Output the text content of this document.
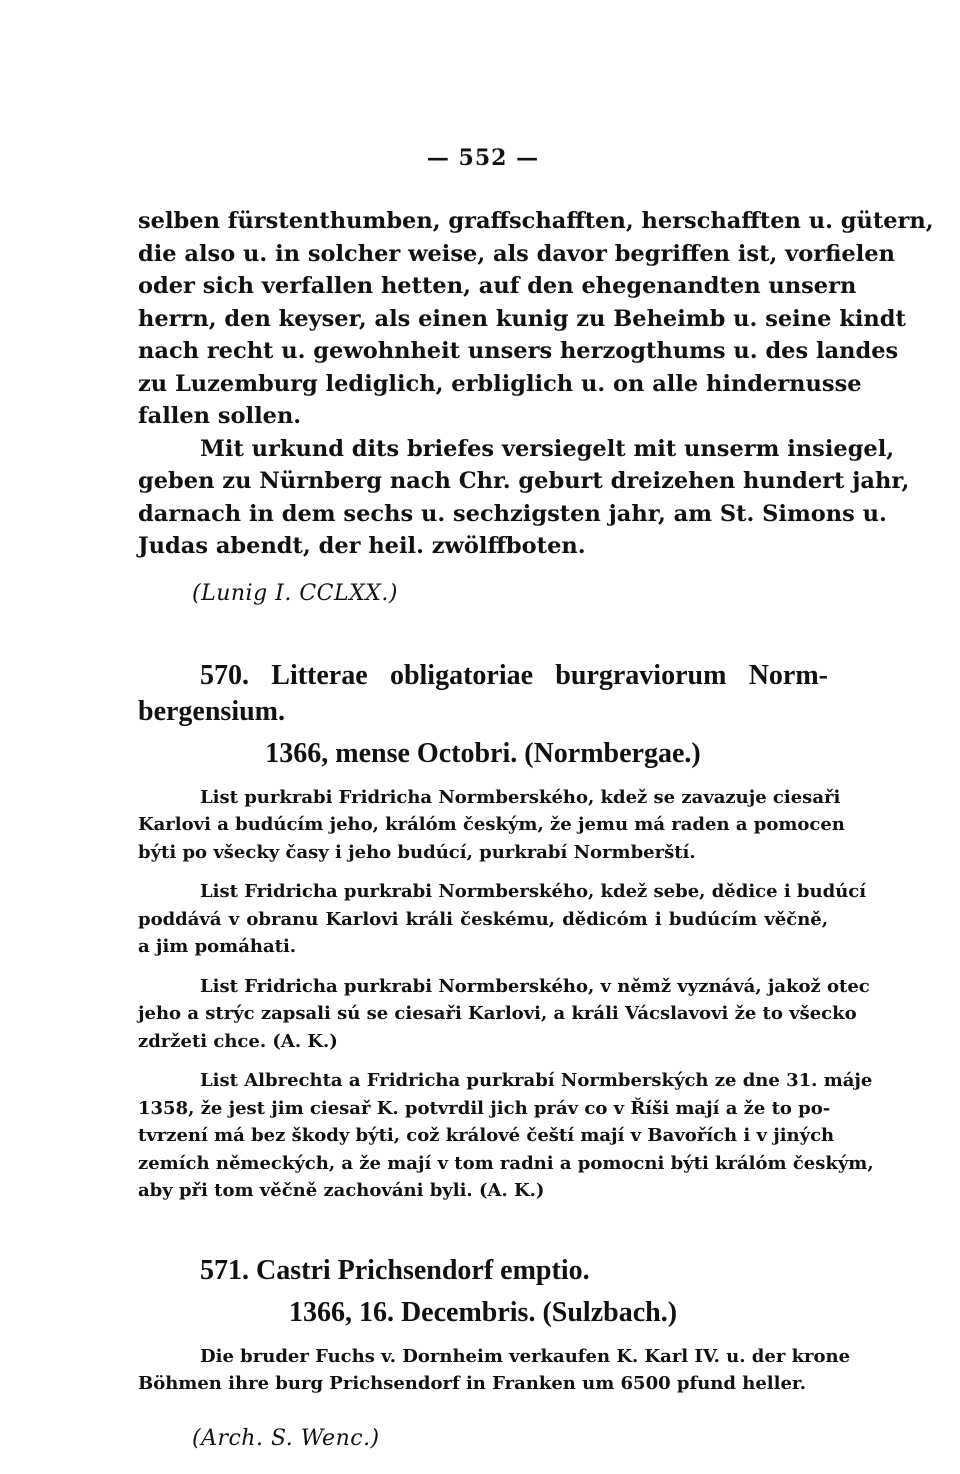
— 552 —
selben fürstenthumben, graffschafften, herschafften u. gütern,
die also u. in solcher weise, als davor begriffen ist, vorfielen
oder sich verfallen hetten, auf den ehegenandten unsern
herrn, den keyser, als einen kunig zu Beheimb u. seine kindt
nach recht u. gewohnheit unsers herzogthums u. des landes
zu Luzemburg lediglich, erbliglich u. on alle hindernusse
fallen sollen.
Mit urkund dits briefes versiegelt mit unserm insiegel,
geben zu Nürnberg nach Chr. geburt dreizehen hundert jahr,
darnach in dem sechs u. sechzigsten jahr, am St. Simons u.
Judas abendt, der heil. zwölffboten.
(Lunig I. CCLXX.)
570. Litterae obligatoriae burgraviorum Norm-
bergensium.
1366, mense Octobri. (Normbergae.)
List purkrabi Fridricha Normberského, kdež se zavazuje ciesaři
Karlovi a budúcím jeho, králóm českým, že jemu má raden a pomocen
býti po všecky časy i jeho budúcí, purkrabí Normberští.
List Fridricha purkrabi Normberského, kdež sebe, dědice i budúcí
poddává v obranu Karlovi králi českému, dědicóm i budúcím věčně,
a jim pomáhati.
List Fridricha purkrabi Normberského, v němž vyznává, jakož otec
jeho a strýc zapsali sú se ciesaři Karlovi, a králi Vácslavovi že to všecko
zdržeti chce. (A. K.)
List Albrechta a Fridricha purkrabí Normberských ze dne 31. máje
1358, že jest jim ciesař K. potvrdil jich práv co v Říši mají a že to po-
tvrzení má bez škody býti, což králové čeští mají v Bavořích i v jiných
zemích německých, a že mají v tom radni a pomocni býti králóm českým,
aby při tom věčně zachováni byli. (A. K.)
571. Castri Prichsendorf emptio.
1366, 16. Decembris. (Sulzbach.)
Die bruder Fuchs v. Dornheim verkaufen K. Karl IV. u. der krone
Böhmen ihre burg Prichsendorf in Franken um 6500 pfund heller.
(Arch. S. Wenc.)
